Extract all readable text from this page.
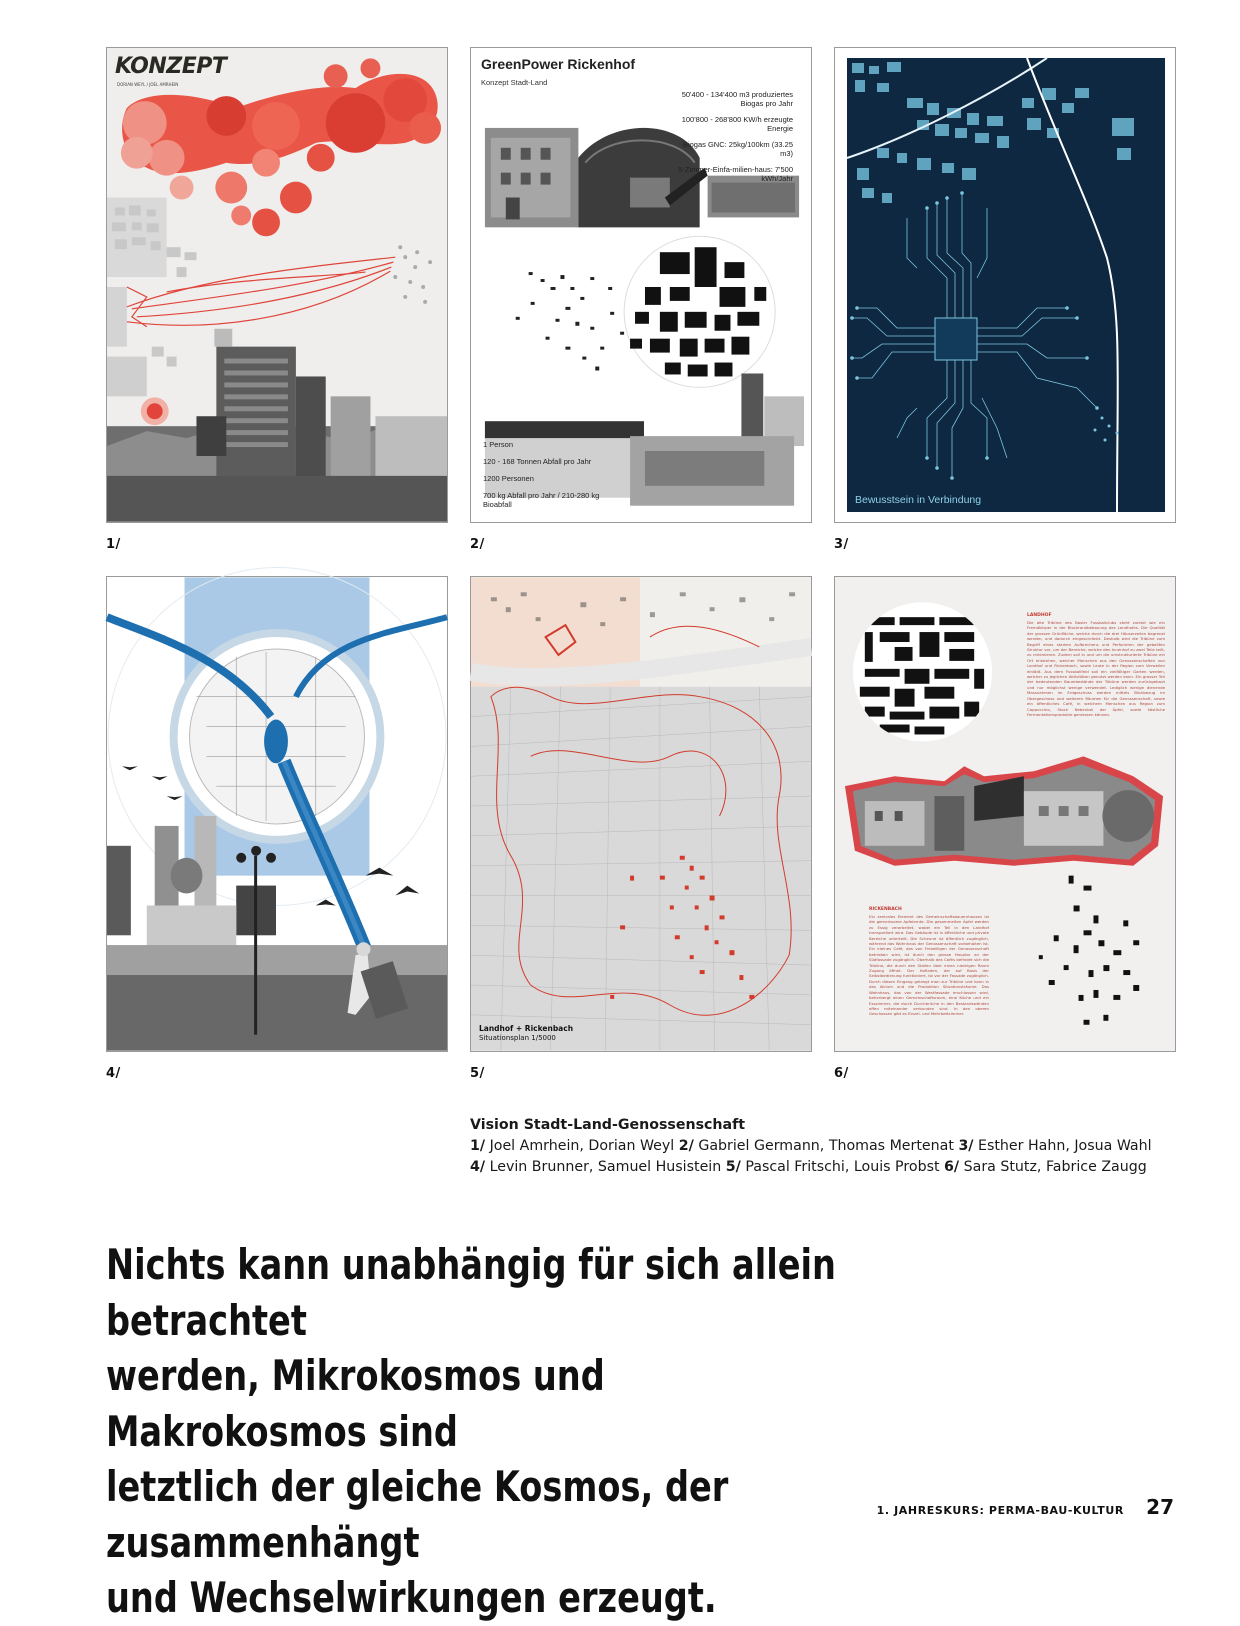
KONZEPT
DORIAN WEYL / JOEL AMRHEIN
1/
GreenPower Rickenhof
Konzept Stadt-Land

50'400 - 134'400 m3 produziertes Biogas pro Jahr

100'800 - 268'800 KW/h erzeugte Energie

Biogas GNC: 25kg/100km (33.25 m3)

5-Zimmer-Einfa-milien-haus: 7'500 kWh/Jahr

1 Person

120 - 168 Tonnen Abfall pro Jahr

1200 Personen

700 kg Abfall pro Jahr / 210-280 kg Bioabfall

2/
Bewusstsein in Verbindung
3/
4/
Landhof + Rickenbach
Situationsplan 1/5000
5/
LANDHOF
Die alte Tribüne des Basler Fussballclubs steht zuletzt wie ein Fremdkörper in der Blockrandbebauung des Landhofes. Die Qualität der grossen Grünfläche, welche durch die drei Häuserzeilen begrenzt werden, und dadurch eingeschränkt. Deshalb wird die Tribüne zum Begriff eines starken Aufbrechens und Perforieren der geballten Struktur vor, um der Bereiche, welche den Innenhof zu zwei Teile teilt, zu minimieren. Zudem soll in und um die umstrukturierte Tribüne ein Ort entstehen, welcher Menschen aus den Genossenschaften von Landhof und Rickenbach, sowie Leute in der Region zum Verweilen einlädt. Aus dem Fussballfeld soll ein vielfältiger Garten werden, welcher zu jeglichen Aktivitäten genutzt werden kann. Ein grosser Teil der bedeutenden Baumbestände der Tribüne werden zurückgebaut und nur möglichst wenige verwendet. Lediglich wenige dienende Massnahmen im Erdgeschoss werden mittels Blickbezug im Obergeschoss und weiteren Räumen für die Genossenschaft, sowie ein öffentliches Café, in welchem Menschen aus Region zum Cappuccino, Stock Nebenbei der Äpfel, sowie köstliche Fermentationsprodukte geniessen können.
RICKENBACH
Ein zentrales Element des Gemeinschaftsbauernhauses ist die gemeinsame Apfelernte. Die gesammelten Äpfel werden zu Essig verarbeitet, wobei ein Teil in den Landhof transportiert wird. Das Gebäude ist in öffentliche und private Bereiche unterteilt. Die Scheune ist öffentlich zugänglich, während das Wohnhaus der Genossenschaft vorbehalten ist. Ein kleines Café, das von Freiwilligen der Genossenschaft betrieben wird, ist durch den grosse Hauptor an der Südfassade zugänglich. Oberhalb des Cafés befindet sich die Tribüne, die durch den Stallen über einen niedrigen Raum Zugang öffnet. Der Hofladen, der auf Basis der Selbstbedienung funktioniert, ist vor der Fassade zugänglich. Durch diesen Eingang gelangt man zur Tribüne und kann in das Atrium und die Produktion Situationsträume. Das Wohnhaus, das von der Westfassade erschlossen wird, beherbergt einen Gemeinschaftsraum, eine Küche und ein Esszimmer, die durch Durchbrüche in den Bestandswänden offen miteinander verbunden sind. In den oberen Geschossen gibt es Einzel- und Mehrbettzimmer.
6/
Vision Stadt-Land-Genossenschaft
1/ Joel Amrhein, Dorian Weyl 2/ Gabriel Germann, Thomas Mertenat 3/ Esther Hahn, Josua Wahl
4/ Levin Brunner, Samuel Husistein 5/ Pascal Fritschi, Louis Probst 6/ Sara Stutz, Fabrice Zaugg
Nichts kann unabhängig für sich allein betrachtet
werden, Mikrokosmos und Makrokosmos sind
letztlich der gleiche Kosmos, der zusammenhängt
und Wechselwirkungen erzeugt.
1. JAHRESKURS: PERMA-BAU-KULTUR 27
